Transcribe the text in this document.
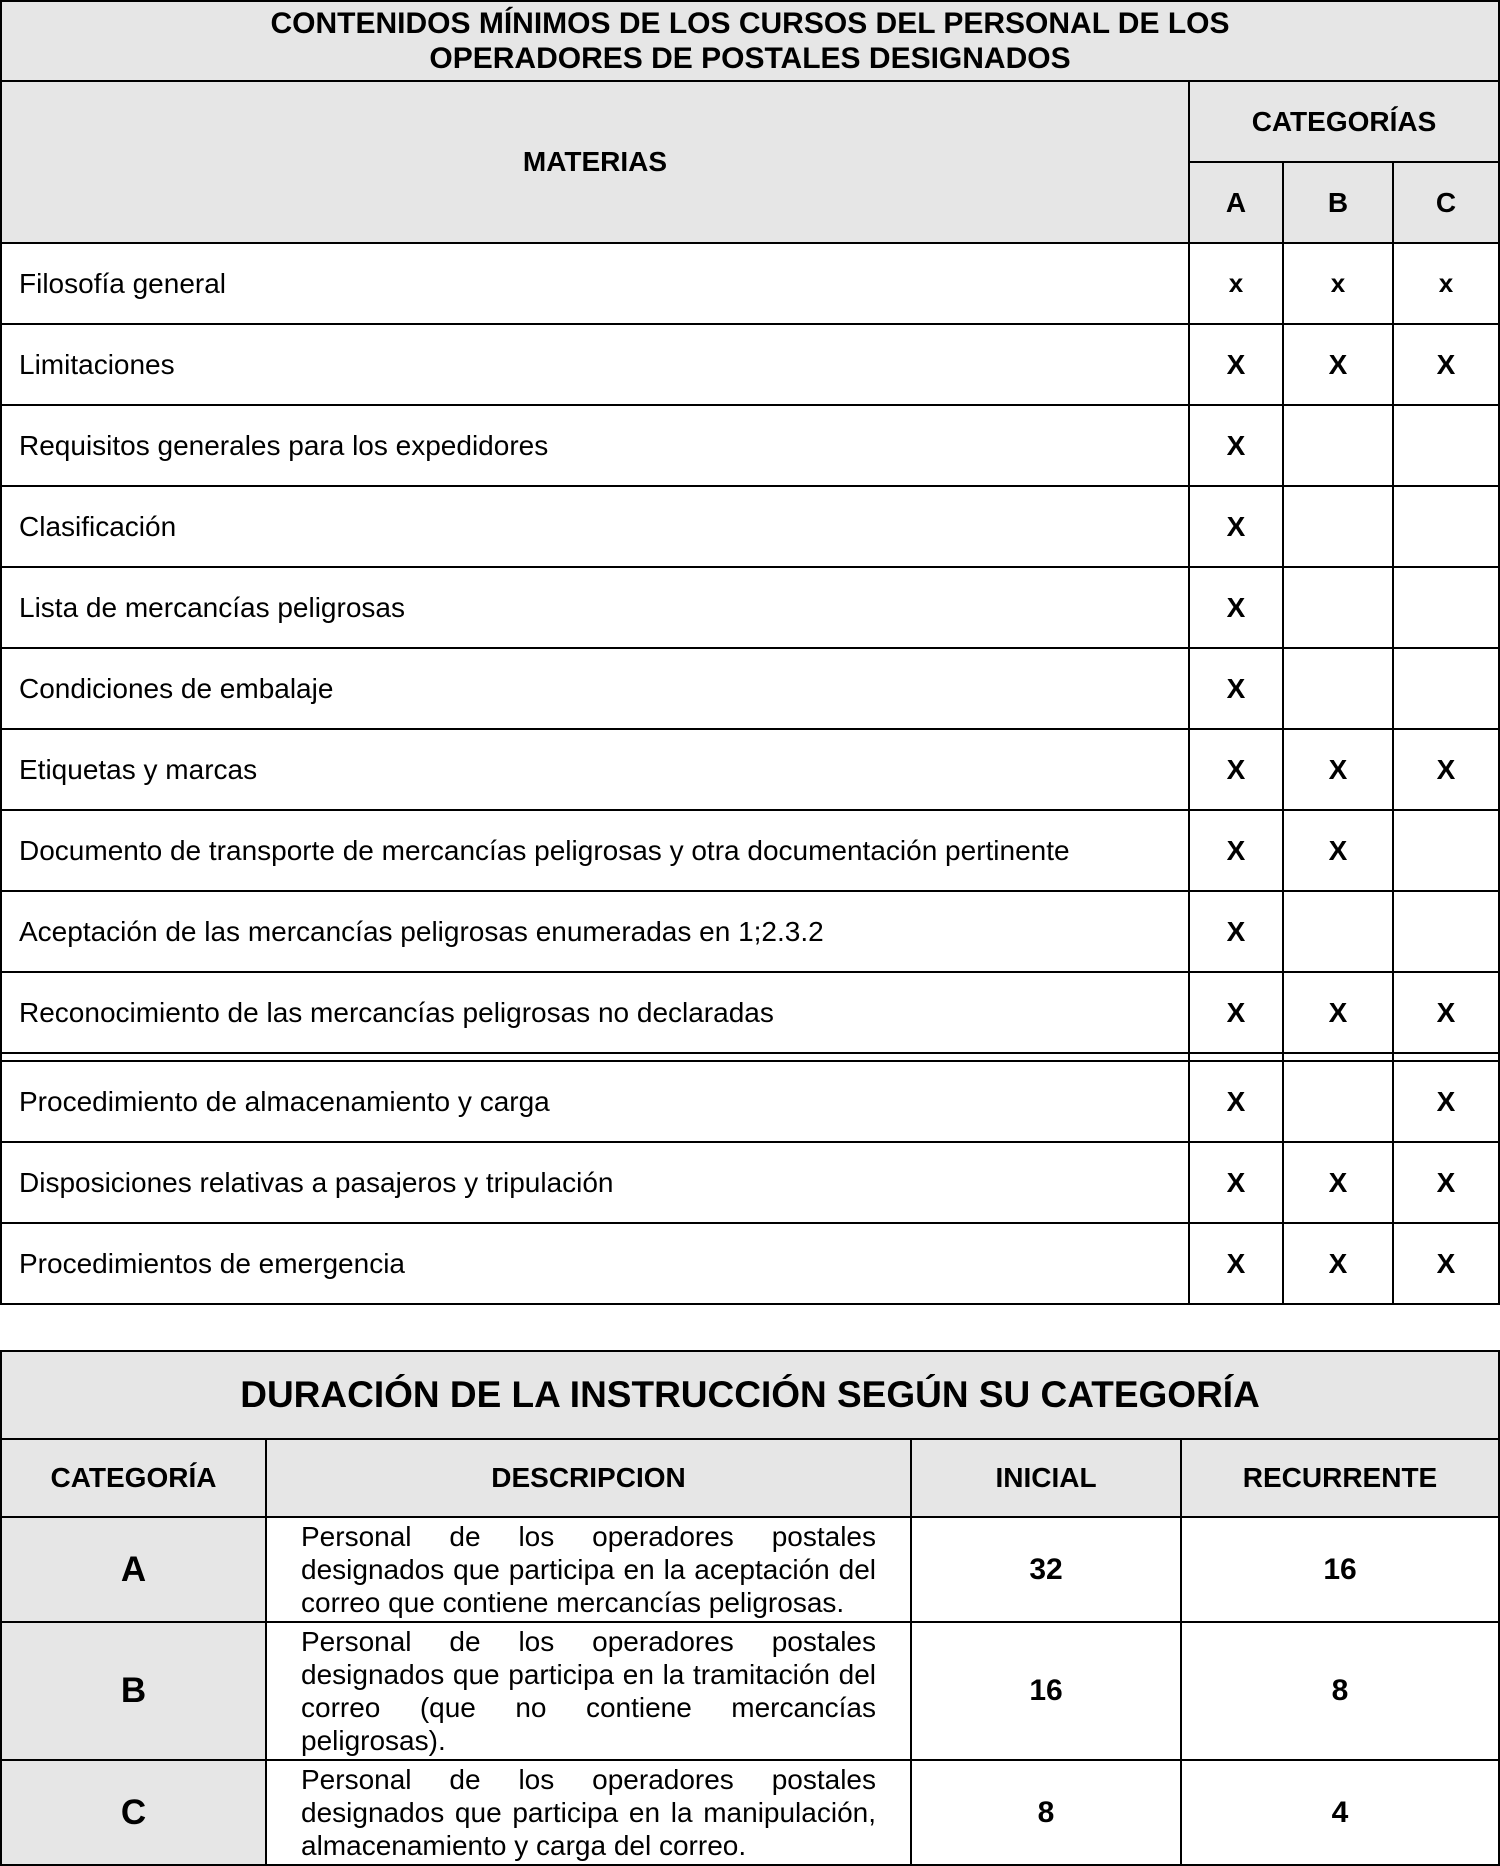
CONTENIDOS MÍNIMOS DE LOS CURSOS DEL PERSONAL DE LOS
OPERADORES DE POSTALES DESIGNADOS			

MATERIAS	CATEGORÍAS		
	A	B	C
Filosofía general	x	x	x
Limitaciones	X	X	X
Requisitos generales para los expedidores	X		
Clasificación	X		
Lista de mercancías peligrosas	X		
Condiciones de embalaje	X		
Etiquetas y marcas	X	X	X
Documento de transporte de mercancías peligrosas y otra documentación pertinente	X	X	
Aceptación de las mercancías peligrosas enumeradas en 1;2.3.2	X		
Reconocimiento de las mercancías peligrosas no declaradas	X	X	X

Procedimiento de almacenamiento y carga	X		X
Disposiciones relativas a pasajeros y tripulación	X	X	X
Procedimientos de emergencia	X	X	X
DURACIÓN DE LA INSTRUCCIÓN SEGÚN SU CATEGORÍA			
CATEGORÍA	DESCRIPCION	INICIAL	RECURRENTE
A	Personal de los operadores postales designados que participa en la aceptación del correo que contiene mercancías peligrosas.	32	16
B	Personal de los operadores postales designados que participa en la tramitación del correo (que no contiene mercancías peligrosas).	16	8
C	Personal de los operadores postales designados que participa en la manipulación, almacenamiento y carga del correo.	8	4
